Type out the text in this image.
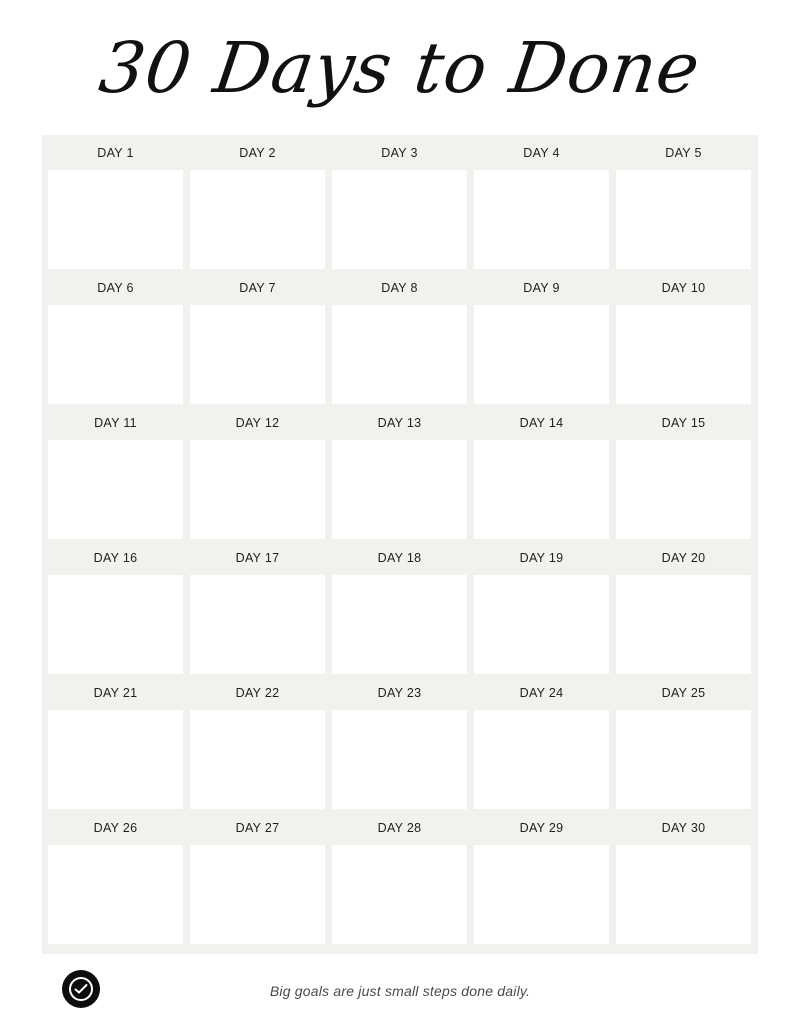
30 Days to Done
DAY 1	DAY 2	DAY 3	DAY 4	DAY 5
DAY 6	DAY 7	DAY 8	DAY 9	DAY 10
DAY 11	DAY 12	DAY 13	DAY 14	DAY 15
DAY 16	DAY 17	DAY 18	DAY 19	DAY 20
DAY 21	DAY 22	DAY 23	DAY 24	DAY 25
DAY 26	DAY 27	DAY 28	DAY 29	DAY 30
Big goals are just small steps done daily.
